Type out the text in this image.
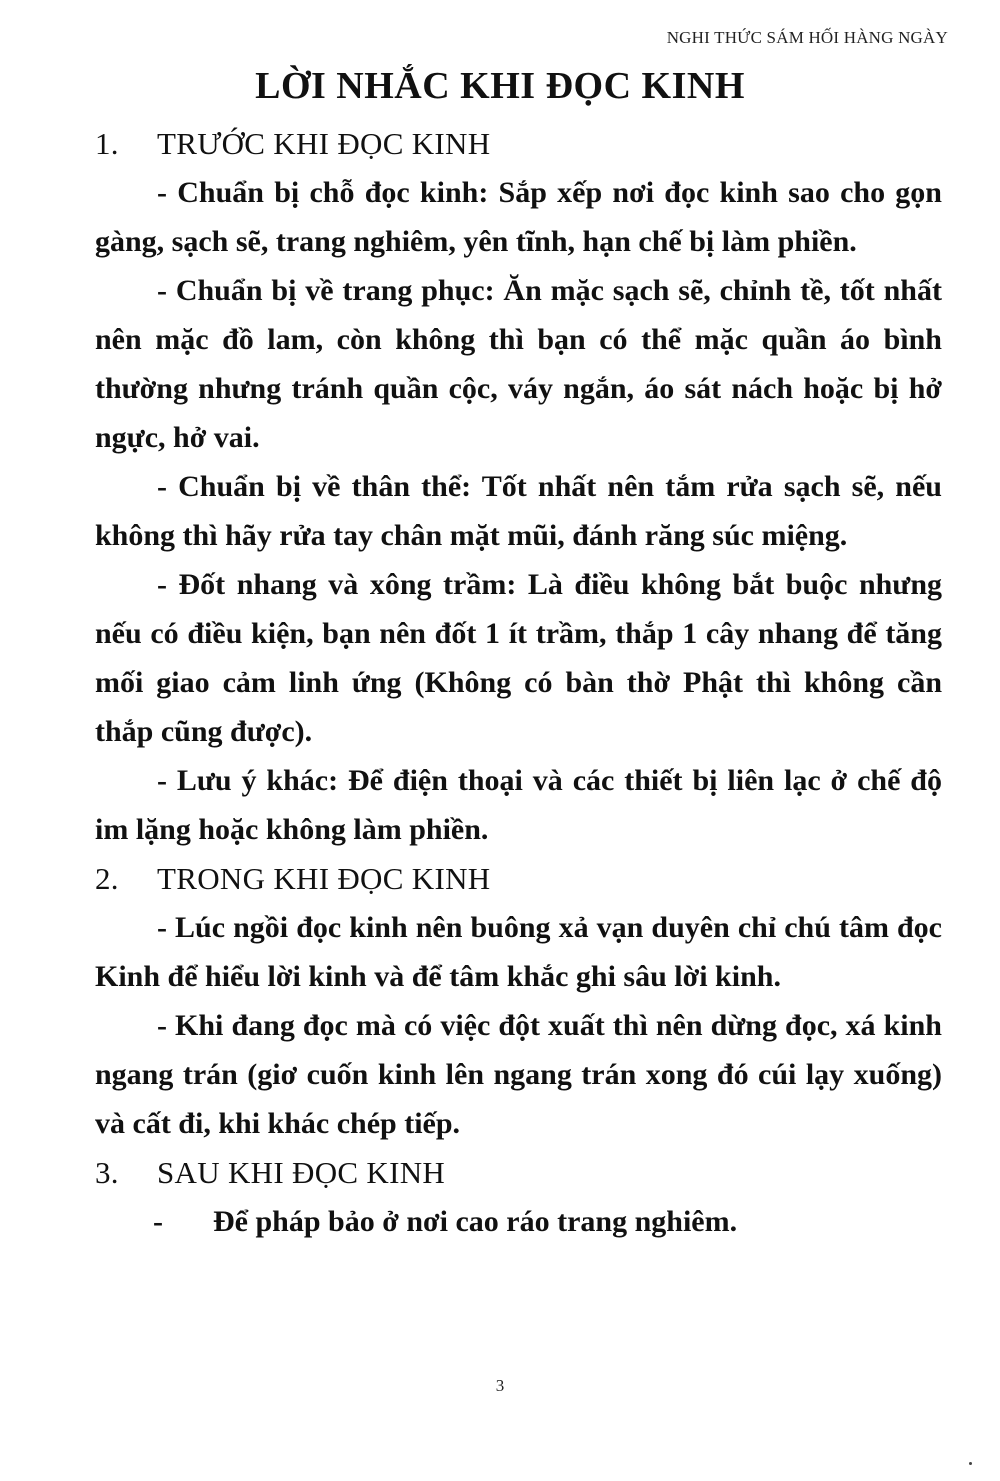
NGHI THỨC SÁM HỐI HÀNG NGÀY
LỜI NHẮC KHI ĐỌC KINH
1.	TRƯỚC KHI ĐỌC KINH

- Chuẩn bị chỗ đọc kinh: Sắp xếp nơi đọc kinh sao cho gọn gàng, sạch sẽ, trang nghiêm, yên tĩnh, hạn chế bị làm phiền.

- Chuẩn bị về trang phục: Ăn mặc sạch sẽ, chỉnh tề, tốt nhất nên mặc đồ lam, còn không thì bạn có thể mặc quần áo bình thường nhưng tránh quần cộc, váy ngắn, áo sát nách hoặc bị hở ngực, hở vai.

- Chuẩn bị về thân thể: Tốt nhất nên tắm rửa sạch sẽ, nếu không thì hãy rửa tay chân mặt mũi, đánh răng súc miệng.

- Đốt nhang và xông trầm: Là điều không bắt buộc nhưng nếu có điều kiện, bạn nên đốt 1 ít trầm, thắp 1 cây nhang để tăng mối giao cảm linh ứng (Không có bàn thờ Phật thì không cần thắp cũng được).

- Lưu ý khác: Để điện thoại và các thiết bị liên lạc ở chế độ im lặng hoặc không làm phiền.

2.	TRONG KHI ĐỌC KINH

- Lúc ngồi đọc kinh nên buông xả vạn duyên chỉ chú tâm đọc Kinh để hiểu lời kinh và để tâm khắc ghi sâu lời kinh.

- Khi đang đọc mà có việc đột xuất thì nên dừng đọc, xá kinh ngang trán (giơ cuốn kinh lên ngang trán xong đó cúi lạy xuống) và cất đi, khi khác chép tiếp.

3.	SAU KHI ĐỌC KINH
-	Để pháp bảo ở nơi cao ráo trang nghiêm.
3
